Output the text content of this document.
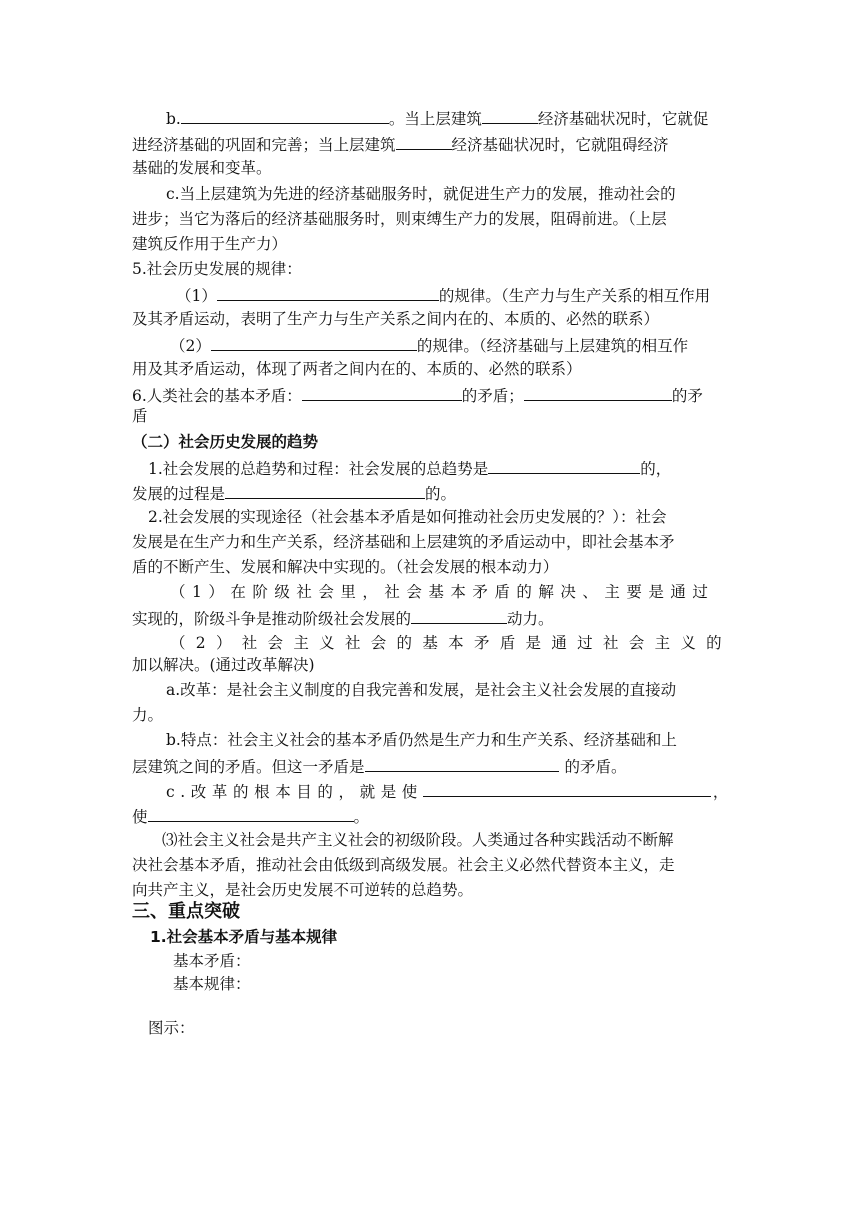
b.	。当上层建筑	经济基础状况时，它就促
进经济基础的巩固和完善；当上层建筑	经济基础状况时，它就阻碍经济
基础的发展和变革。
c.当上层建筑为先进的经济基础服务时，就促进生产力的发展，推动社会的
进步；当它为落后的经济基础服务时，则束缚生产力的发展，阻碍前进。（上层
建筑反作用于生产力）
5.社会历史发展的规律：
（1）	的规律。（生产力与生产关系的相互作用
及其矛盾运动，表明了生产力与生产关系之间内在的、本质的、必然的联系）
（2）	的规律。（经济基础与上层建筑的相互作
用及其矛盾运动，体现了两者之间内在的、本质的、必然的联系）
6.人类社会的基本矛盾：	的矛盾；	的矛
盾
（二）社会历史发展的趋势
1.社会发展的总趋势和过程：社会发展的总趋势是	的，
发展的过程是	的。
2.社会发展的实现途径（社会基本矛盾是如何推动社会历史发展的？）：社会
发展是在生产力和生产关系，经济基础和上层建筑的矛盾运动中，即社会基本矛
盾的不断产生、发展和解决中实现的。（社会发展的根本动力）
（1）在阶级社会里，社会基本矛盾的解决、主要是通过
实现的，阶级斗争是推动阶级社会发展的	动力。
（2）社会主义社会的基本矛盾是通过社会主义的
加以解决。(通过改革解决)
a.改革：是社会主义制度的自我完善和发展，是社会主义社会发展的直接动
力。
b.特点：社会主义社会的基本矛盾仍然是生产力和生产关系、经济基础和上
层建筑之间的矛盾。但这一矛盾是	的矛盾。
c.改革的根本目的，就是使	，
使	。
⑶社会主义社会是共产主义社会的初级阶段。人类通过各种实践活动不断解
决社会基本矛盾，推动社会由低级到高级发展。社会主义必然代替资本主义，走
向共产主义，是社会历史发展不可逆转的总趋势。
三、重点突破
1.社会基本矛盾与基本规律
基本矛盾：
基本规律：
图示：
